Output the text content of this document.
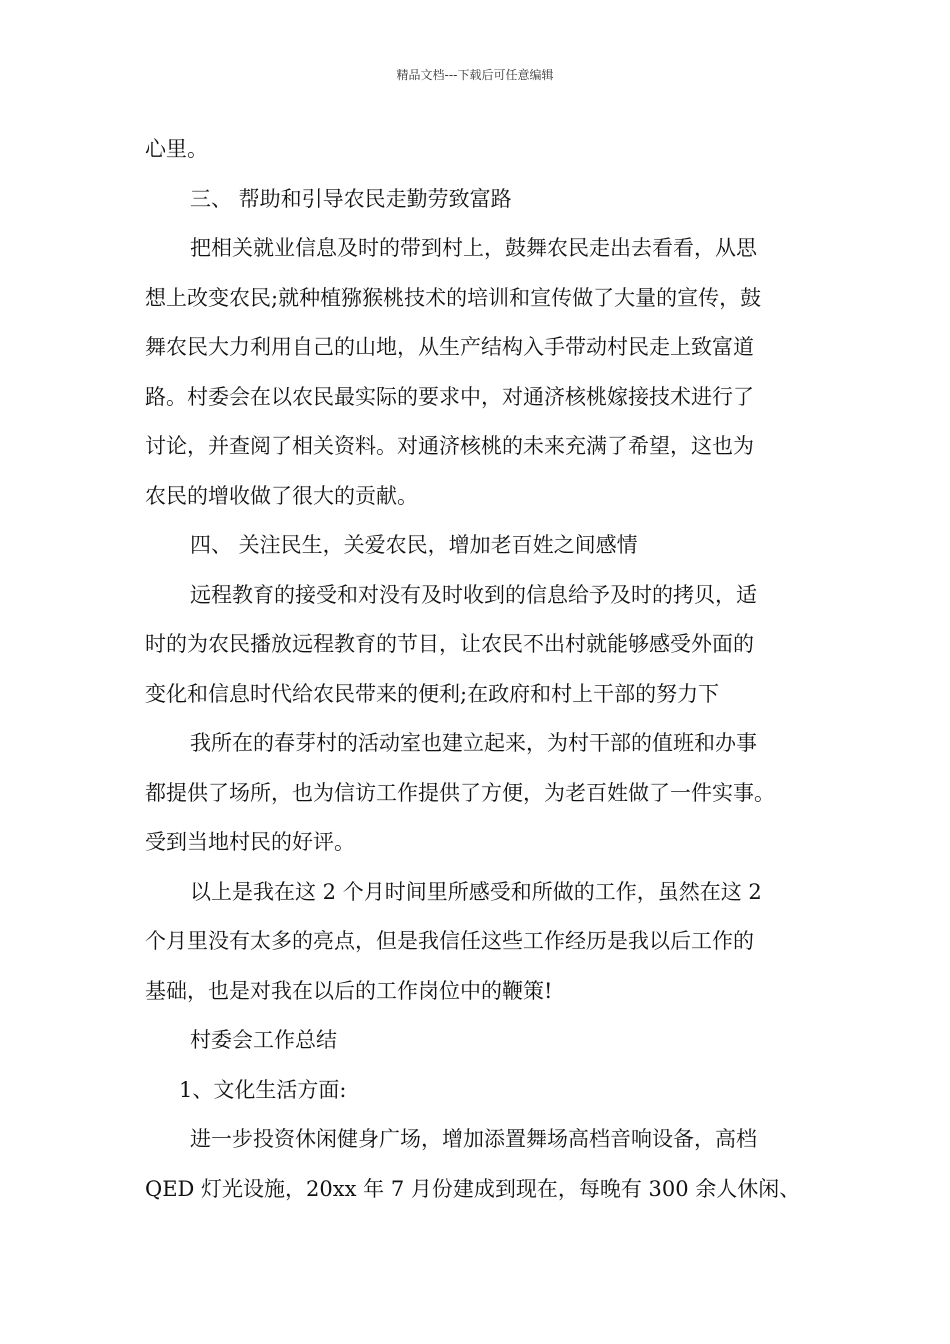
精品文档---下载后可任意编辑

心里。

三、 帮助和引导农民走勤劳致富路

把相关就业信息及时的带到村上，鼓舞农民走出去看看，从思

想上改变农民;就种植猕猴桃技术的培训和宣传做了大量的宣传，鼓

舞农民大力利用自己的山地，从生产结构入手带动村民走上致富道

路。村委会在以农民最实际的要求中，对通济核桃嫁接技术进行了

讨论，并查阅了相关资料。对通济核桃的未来充满了希望，这也为

农民的增收做了很大的贡献。

四、 关注民生，关爱农民，增加老百姓之间感情

远程教育的接受和对没有及时收到的信息给予及时的拷贝，适

时的为农民播放远程教育的节目，让农民不出村就能够感受外面的

变化和信息时代给农民带来的便利;在政府和村上干部的努力下

我所在的春芽村的活动室也建立起来，为村干部的值班和办事

都提供了场所，也为信访工作提供了方便，为老百姓做了一件实事。

受到当地村民的好评。

以上是我在这 2 个月时间里所感受和所做的工作，虽然在这 2

个月里没有太多的亮点，但是我信任这些工作经历是我以后工作的

基础，也是对我在以后的工作岗位中的鞭策!

村委会工作总结

1、文化生活方面:

进一步投资休闲健身广场，增加添置舞场高档音响设备，高档

QED 灯光设施，20xx 年 7 月份建成到现在，每晚有 300 余人休闲、
